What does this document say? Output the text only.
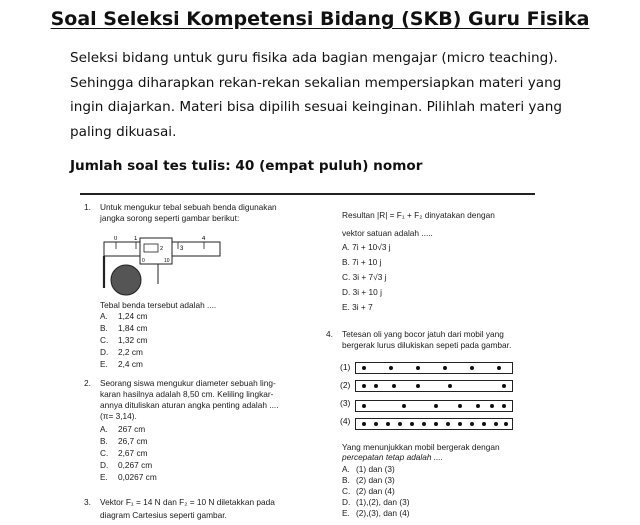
Soal Seleksi Kompetensi Bidang (SKB) Guru Fisika
Seleksi bidang untuk guru fisika ada bagian mengajar (micro teaching). Sehingga diharapkan rekan-rekan sekalian mempersiapkan materi yang ingin diajarkan. Materi bisa dipilih sesuai keinginan. Pilihlah materi yang paling dikuasai.
Jumlah soal tes tulis: 40 (empat puluh) nomor
1. Untuk mengukur tebal sebuah benda digunakan
jangka sorong seperti gambar berikut:
0	1
2	3
4
0	10
Tebal benda tersebut adalah ....
A. 1,24 cm
B. 1,84 cm
C. 1,32 cm
D. 2,2 cm
E. 2,4 cm
2. Seorang siswa mengukur diameter sebuah ling-
karan hasilnya adalah 8,50 cm. Keliling lingkar-
annya dituliskan aturan angka penting adalah ....
(π= 3,14).
A. 267 cm
B. 26,7 cm
C. 2,67 cm
D. 0,267 cm
E. 0,0267 cm
3. Vektor F₁ = 14 N dan F₂ = 10 N diletakkan pada
diagram Cartesius seperti gambar.
Resultan |R| = F₁ + F₂ dinyatakan dengan
vektor satuan adalah .....
A. 7i + 10√3 j
B. 7i + 10 j
C. 3i + 7√3 j
D. 3i + 10 j
E. 3i + 7
4. Tetesan oli yang bocor jatuh dari mobil yang
bergerak lurus dilukiskan sepeti pada gambar.
(1)
(2)
(3)
(4)
Yang menunjukkan mobil bergerak dengan
percepatan tetap adalah ....
A. (1) dan (3)
B. (2) dan (3)
C. (2) dan (4)
D. (1),(2), dan (3)
E. (2),(3), dan (4)
